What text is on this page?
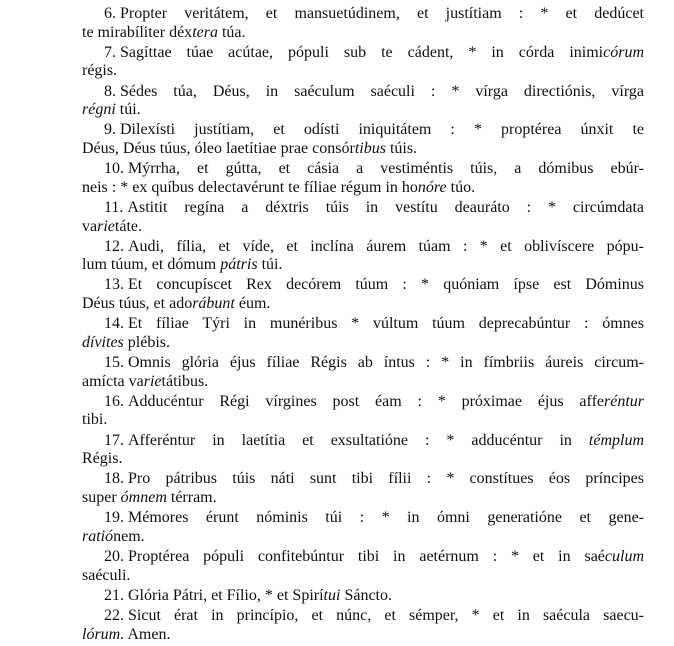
6. Propter veritátem, et mansuetúdinem, et justítiam : * et dedúcet
te mirabíliter déxtera túa.
7. Sagíttae túae acútae, pópuli sub te cádent, * in córda inimicórum
régis.
8. Sédes túa, Déus, in saéculum saéculi : * vírga directiónis, vírga
régni túi.
9. Dilexísti justítiam, et odísti iniquitátem : * proptérea únxit te
Déus, Déus túus, óleo laetítiae prae consórtibus túis.
10. Mýrrha, et gútta, et cásia a vestiméntis túis, a dómibus ebúr-
neis : * ex quíbus delectavérunt te fíliae régum in honóre túo.
11. Astitit regína a déxtris túis in vestítu deauráto : * circúmdata
varietáte.
12. Audi, fília, et víde, et inclína áurem túam : * et oblivíscere pópu-
lum túum, et dómum pátris túi.
13. Et concupíscet Rex decórem túum : * quóniam ípse est Dóminus
Déus túus, et adorábunt éum.
14. Et fíliae Týri in munéribus * vúltum túum deprecabúntur : ómnes
dívites plébis.
15. Omnis glória éjus fíliae Régis ab íntus : * in fímbriis áureis circum-
amícta varietátibus.
16. Adducéntur Régi vírgines post éam : * próximae éjus afferéntur
tibi.
17. Afferéntur in laetítia et exsultatióne : * adducéntur in témplum
Régis.
18. Pro pátribus túis náti sunt tibi fílii : * constítues éos príncipes
super ómnem térram.
19. Mémores érunt nóminis túi : * in ómni generatióne et gene-
ratiónem.
20. Proptérea pópuli confitebúntur tibi in aetérnum : * et in saéculum
saéculi.
21. Glória Pátri, et Fílio, * et Spirítui Sáncto.
22. Sicut érat in princípio, et núnc, et sémper, * et in saécula saecu-
lórum. Amen.
